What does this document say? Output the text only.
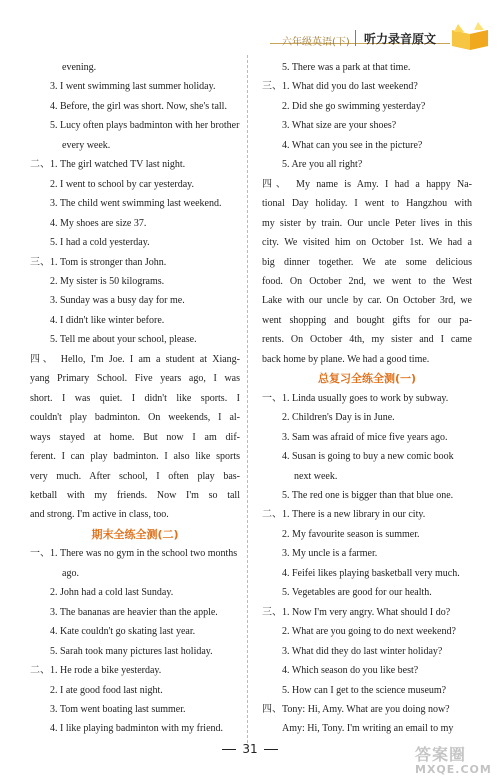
六年级英语(下) 听力录音原文
evening.
3. I went swimming last summer holiday.
4. Before, the girl was short. Now, she's tall.
5. Lucy often plays badminton with her brother
every week.
二、1. The girl watched TV last night.
2. I went to school by car yesterday.
3. The child went swimming last weekend.
4. My shoes are size 37.
5. I had a cold yesterday.
三、1. Tom is stronger than John.
2. My sister is 50 kilograms.
3. Sunday was a busy day for me.
4. I didn't like winter before.
5. Tell me about your school, please.
四、 Hello, I'm Joe. I am a student at Xiang-
yang Primary School. Five years ago, I was
short. I was quiet. I didn't like sports. I
couldn't play badminton. On weekends, I al-
ways stayed at home. But now I am dif-
ferent. I can play badminton. I also like sports
very much. After school, I often play bas-
ketball with my friends. Now I'm so tall
and strong. I'm active in class, too.
期末全练全测(二)
一、1. There was no gym in the school two months
ago.
2. John had a cold last Sunday.
3. The bananas are heavier than the apple.
4. Kate couldn't go skating last year.
5. Sarah took many pictures last holiday.
二、1. He rode a bike yesterday.
2. I ate good food last night.
3. Tom went boating last summer.
4. I like playing badminton with my friend.
5. There was a park at that time.
三、1. What did you do last weekend?
2. Did she go swimming yesterday?
3. What size are your shoes?
4. What can you see in the picture?
5. Are you all right?
四、 My name is Amy. I had a happy Na-
tional Day holiday. I went to Hangzhou with
my sister by train. Our uncle Peter lives in this
city. We visited him on October 1st. We had a
big dinner together. We ate some delicious
food. On October 2nd, we went to the West
Lake with our uncle by car. On October 3rd, we
went shopping and bought gifts for our pa-
rents. On October 4th, my sister and I came
back home by plane. We had a good time.
总复习全练全测(一)
一、1. Linda usually goes to work by subway.
2. Children's Day is in June.
3. Sam was afraid of mice five years ago.
4. Susan is going to buy a new comic book
next week.
5. The red one is bigger than that blue one.
二、1. There is a new library in our city.
2. My favourite season is summer.
3. My uncle is a farmer.
4. Feifei likes playing basketball very much.
5. Vegetables are good for our health.
三、1. Now I'm very angry. What should I do?
2. What are you going to do next weekend?
3. What did they do last winter holiday?
4. Which season do you like best?
5. How can I get to the science museum?
四、Tony: Hi, Amy. What are you doing now?
Amy: Hi, Tony. I'm writing an email to my
31	答案圈
MXQE.COM
